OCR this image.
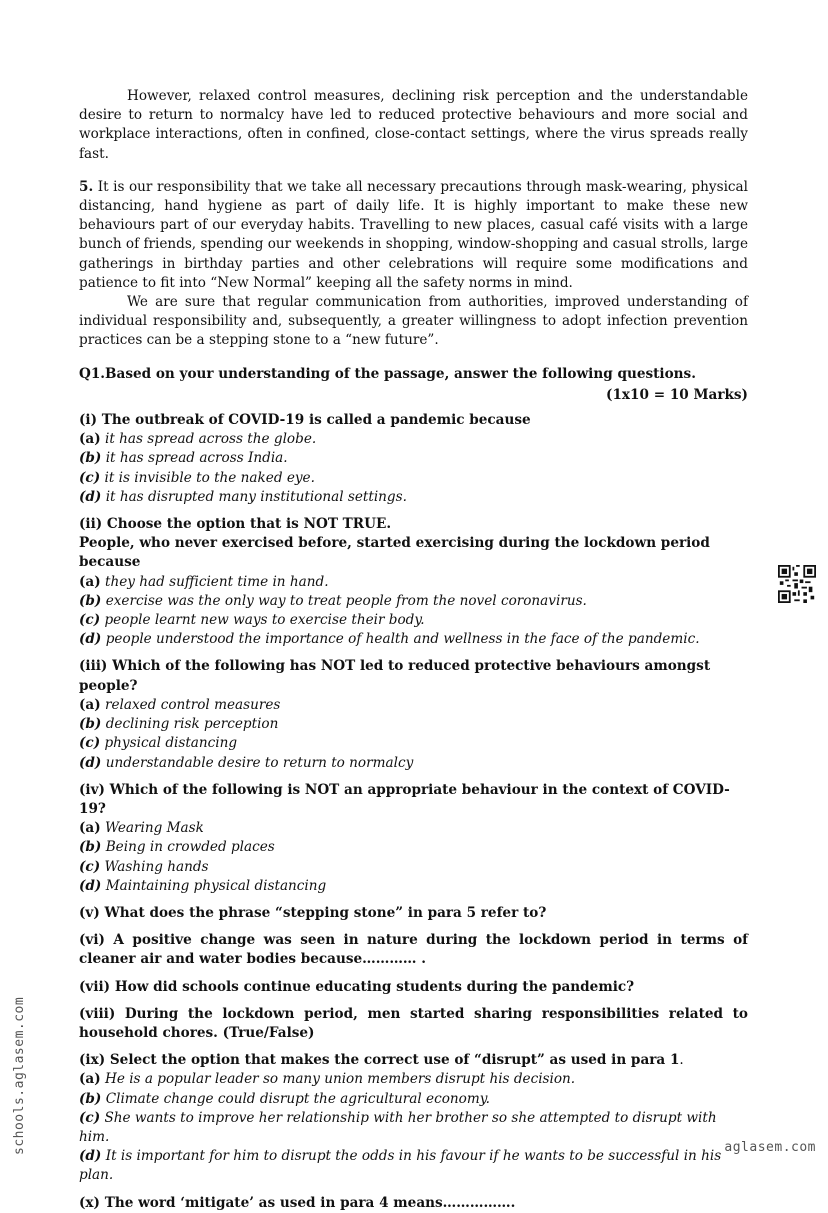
However, relaxed control measures, declining risk perception and the understandable desire to return to normalcy have led to reduced protective behaviours and more social and workplace interactions, often in confined, close-contact settings, where the virus spreads really fast.

5. It is our responsibility that we take all necessary precautions through mask-wearing, physical distancing, hand hygiene as part of daily life. It is highly important to make these new behaviours part of our everyday habits. Travelling to new places, casual café visits with a large bunch of friends, spending our weekends in shopping, window-shopping and casual strolls, large gatherings in birthday parties and other celebrations will require some modifications and patience to fit into “New Normal” keeping all the safety norms in mind.

We are sure that regular communication from authorities, improved understanding of individual responsibility and, subsequently, a greater willingness to adopt infection prevention practices can be a stepping stone to a “new future”.

Q1.Based on your understanding of the passage, answer the following questions.

(1x10 = 10 Marks)

(i) The outbreak of COVID-19 is called a pandemic because
(a) it has spread across the globe.
(b) it has spread across India.
(c) it is invisible to the naked eye.
(d) it has disrupted many institutional settings.
(ii) Choose the option that is NOT TRUE.
People, who never exercised before, started exercising during the lockdown period because
(a) they had sufficient time in hand.
(b) exercise was the only way to treat people from the novel coronavirus.
(c) people learnt new ways to exercise their body.
(d) people understood the importance of health and wellness in the face of the pandemic.
(iii) Which of the following has NOT led to reduced protective behaviours amongst people?
(a) relaxed control measures
(b) declining risk perception
(c) physical distancing
(d) understandable desire to return to normalcy
(iv) Which of the following is NOT an appropriate behaviour in the context of COVID-19?
(a) Wearing Mask
(b) Being in crowded places
(c) Washing hands
(d) Maintaining physical distancing
(v) What does the phrase “stepping stone” in para 5 refer to?
(vi) A positive change was seen in nature during the lockdown period in terms of cleaner air and water bodies because………… .
(vii) How did schools continue educating students during the pandemic?
(viii) During the lockdown period, men started sharing responsibilities related to household chores. (True/False)
(ix) Select the option that makes the correct use of “disrupt” as used in para 1.
(a) He is a popular leader so many union members disrupt his decision.
(b) Climate change could disrupt the agricultural economy.
(c) She wants to improve her relationship with her brother so she attempted to disrupt with him.
(d) It is important for him to disrupt the odds in his favour if he wants to be successful in his plan.
(x) The word ‘mitigate’ as used in para 4 means…………….
schools.aglasem.com	aglasem.com
